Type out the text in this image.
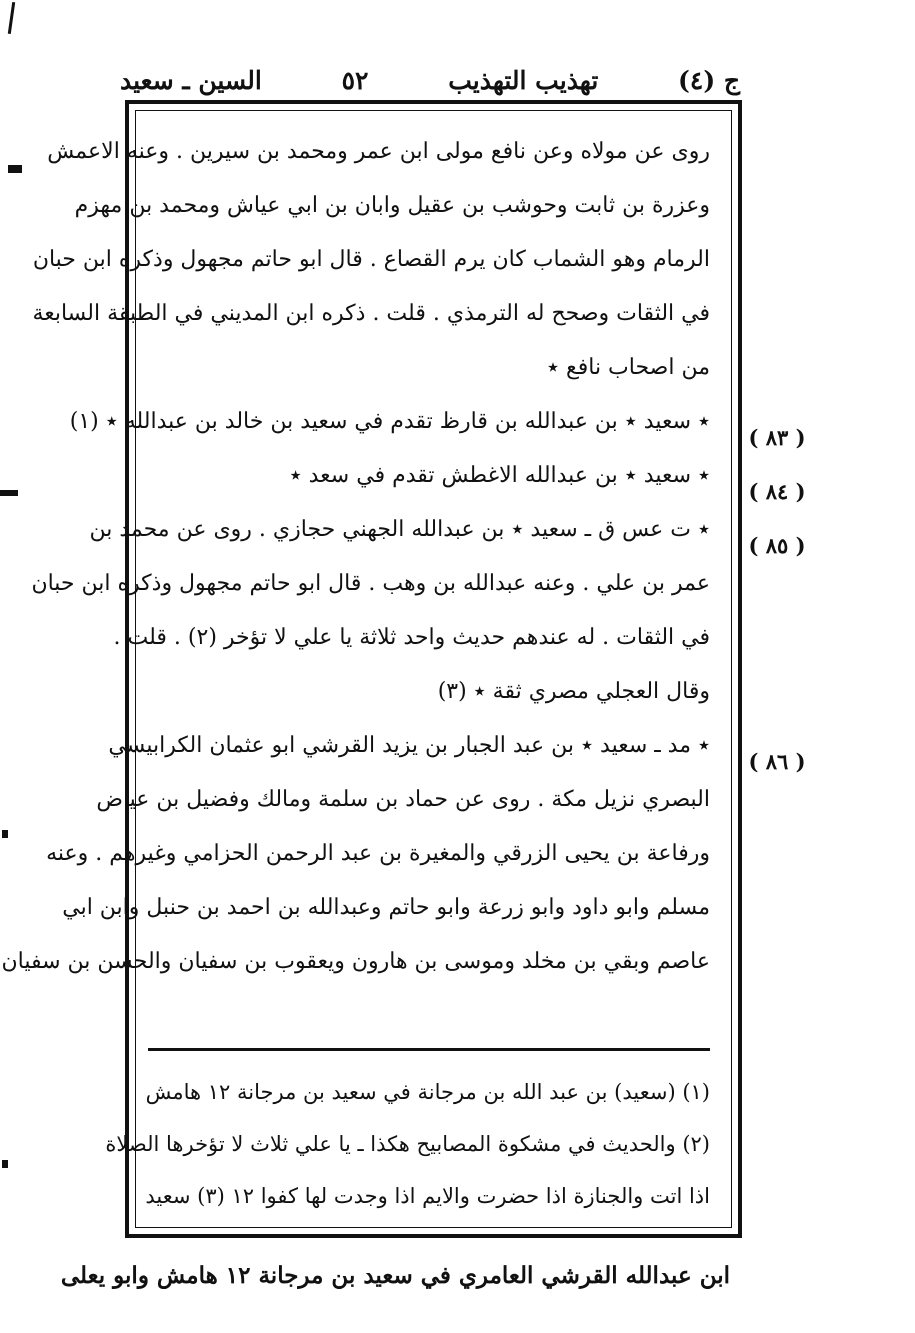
ج (٤)
تهذيب التهذيب
٥٢
السين ـ سعيد
روى عن مولاه وعن نافع مولى ابن عمر ومحمد بن سيرين . وعنه الاعمش
وعزرة بن ثابت وحوشب بن عقيل وابان بن ابي عياش ومحمد بن مهزم
الرمام وهو الشماب كان يرم القصاع . قال ابو حاتم مجهول وذكره ابن حبان
في الثقات وصحح له الترمذي . قلت . ذكره ابن المديني في الطبقة السابعة
من اصحاب نافع ٭
٭ سعيد ٭ بن عبدالله بن قارظ تقدم في سعيد بن خالد بن عبدالله ٭ (١)
٭ سعيد ٭ بن عبدالله الاغطش تقدم في سعد ٭
٭ ت عس ق ـ سعيد ٭ بن عبدالله الجهني حجازي . روى عن محمد بن
عمر بن علي . وعنه عبدالله بن وهب . قال ابو حاتم مجهول وذكره ابن حبان
في الثقات . له عندهم حديث واحد ثلاثة يا علي لا تؤخر (٢) . قلت .
وقال العجلي مصري ثقة ٭ (٣)
٭ مد ـ سعيد ٭ بن عبد الجبار بن يزيد القرشي ابو عثمان الكرابيسي
البصري نزيل مكة . روى عن حماد بن سلمة ومالك وفضيل بن عياض
ورفاعة بن يحيى الزرقي والمغيرة بن عبد الرحمن الحزامي وغيرهم . وعنه
مسلم وابو داود وابو زرعة وابو حاتم وعبدالله بن احمد بن حنبل وابن ابي
عاصم وبقي بن مخلد وموسى بن هارون ويعقوب بن سفيان والحسن بن سفيان
( ٨٣ )
( ٨٤ )
( ٨٥ )
( ٨٦ )
(١) (سعيد) بن عبد الله بن مرجانة في سعيد بن مرجانة ١٢ هامش
(٢) والحديث في مشكوة المصابيح هكذا ـ يا علي ثلاث لا تؤخرها الصلاة
اذا اتت والجنازة اذا حضرت والايم اذا وجدت لها كفوا ١٢ (٣) سعيد
ابن عبدالله القرشي العامري في سعيد بن مرجانة ١٢ هامش وابو يعلى
